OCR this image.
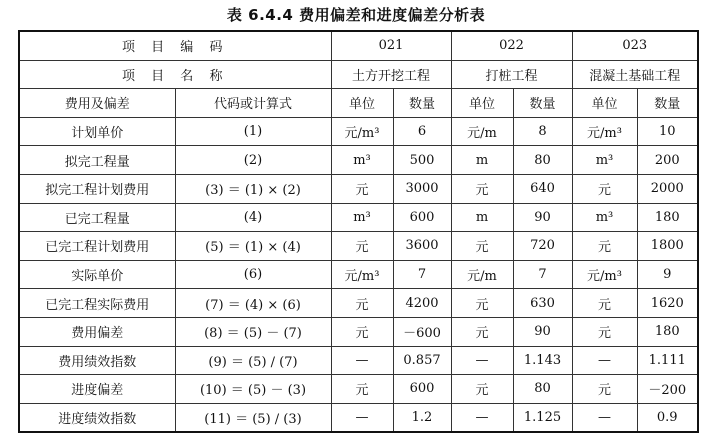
表 6.4.4 费用偏差和进度偏差分析表
项 目 编 码		021		022		023	
项 目 名 称		土方开挖工程		打桩工程		混凝土基础工程	
费用及偏差	代码或计算式	单位	数量	单位	数量	单位	数量
计划单价	(1)	元/m³	6	元/m	8	元/m³	10
拟完工程量	(2)	m³	500	m	80	m³	200
拟完工程计划费用	(3) ＝ (1) × (2)	元	3000	元	640	元	2000
已完工程量	(4)	m³	600	m	90	m³	180
已完工程计划费用	(5) ＝ (1) × (4)	元	3600	元	720	元	1800
实际单价	(6)	元/m³	7	元/m	7	元/m³	9
已完工程实际费用	(7) ＝ (4) × (6)	元	4200	元	630	元	1620
费用偏差	(8) ＝ (5) － (7)	元	－600	元	90	元	180
费用绩效指数	(9) ＝ (5) / (7)	—	0.857	—	1.143	—	1.111
进度偏差	(10) ＝ (5) － (3)	元	600	元	80	元	－200
进度绩效指数	(11) ＝ (5) / (3)	—	1.2	—	1.125	—	0.9
